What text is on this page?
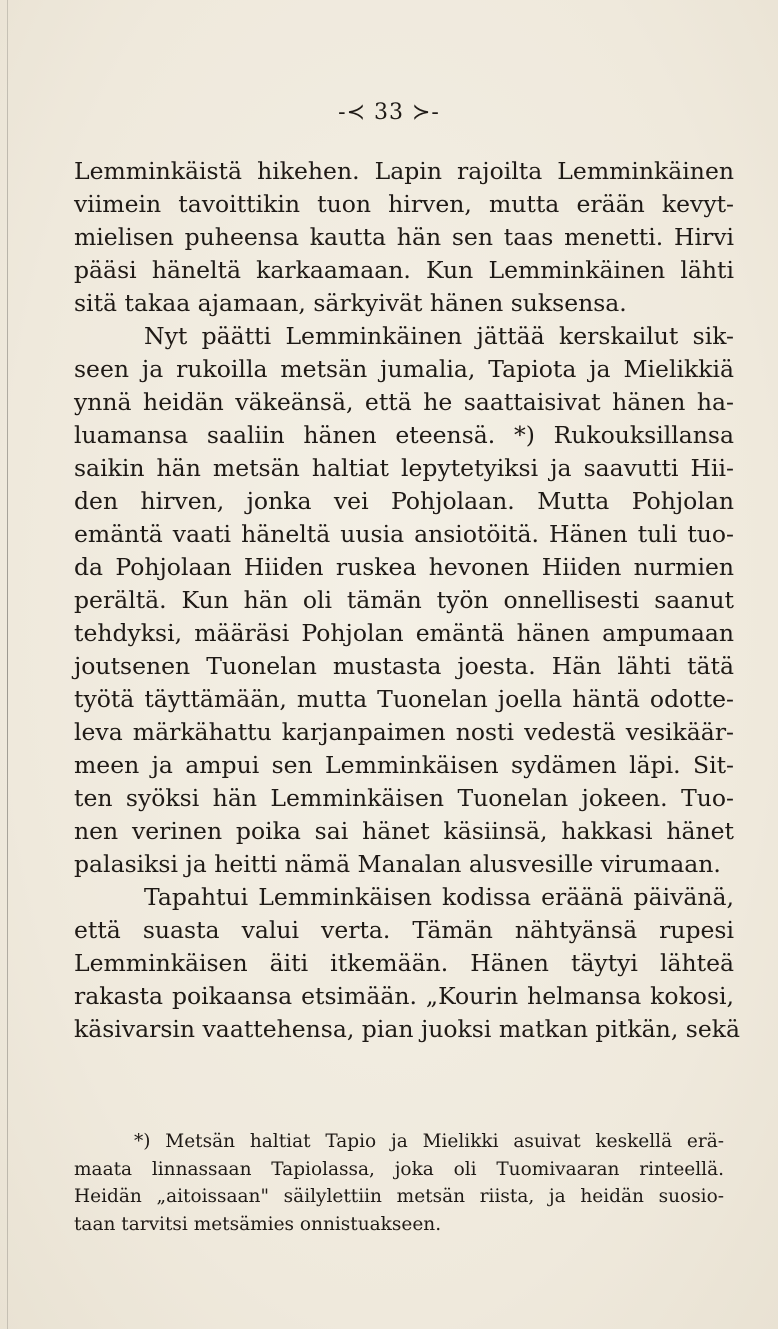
-≺ 33 ≻-
Lemminkäistä hikehen. Lapin rajoilta Lemminkäinen
viimein tavoittikin tuon hirven, mutta erään kevyt-
mielisen puheensa kautta hän sen taas menetti. Hirvi
pääsi häneltä karkaamaan. Kun Lemminkäinen lähti
sitä takaa ajamaan, särkyivät hänen suksensa.
Nyt päätti Lemminkäinen jättää kerskailut sik-
seen ja rukoilla metsän jumalia, Tapiota ja Mielikkiä
ynnä heidän väkeänsä, että he saattaisivat hänen ha-
luamansa saaliin hänen eteensä. *) Rukouksillansa
saikin hän metsän haltiat lepytetyiksi ja saavutti Hii-
den hirven, jonka vei Pohjolaan. Mutta Pohjolan
emäntä vaati häneltä uusia ansiotöitä. Hänen tuli tuo-
da Pohjolaan Hiiden ruskea hevonen Hiiden nurmien
perältä. Kun hän oli tämän työn onnellisesti saanut
tehdyksi, määräsi Pohjolan emäntä hänen ampumaan
joutsenen Tuonelan mustasta joesta. Hän lähti tätä
työtä täyttämään, mutta Tuonelan joella häntä odotte-
leva märkähattu karjanpaimen nosti vedestä vesikäär-
meen ja ampui sen Lemminkäisen sydämen läpi. Sit-
ten syöksi hän Lemminkäisen Tuonelan jokeen. Tuo-
nen verinen poika sai hänet käsiinsä, hakkasi hänet
palasiksi ja heitti nämä Manalan alusvesille virumaan.
Tapahtui Lemminkäisen kodissa eräänä päivänä,
että suasta valui verta. Tämän nähtyänsä rupesi
Lemminkäisen äiti itkemään. Hänen täytyi lähteä
rakasta poikaansa etsimään. „Kourin helmansa kokosi,
käsivarsin vaattehensa, pian juoksi matkan pitkän, sekä
*) Metsän haltiat Tapio ja Mielikki asuivat keskellä erä-
maata linnassaan Tapiolassa, joka oli Tuomivaaran rinteellä.
Heidän „aitoissaan" säilylettiin metsän riista, ja heidän suosio-
taan tarvitsi metsämies onnistuakseen.
